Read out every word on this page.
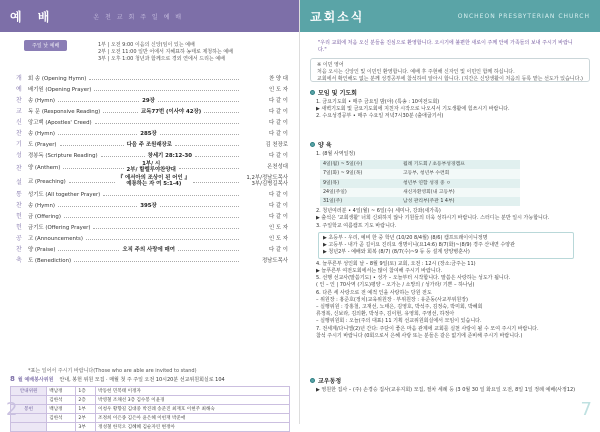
예 배	온 천 교 회 주 일 예 배
주일 낮 예배	1부 | 오전 9:00 이음의 신앙(임이 있는 예배
2부 | 오전 11:00 일반 어에서 지혜표하 농태로 제청하는 예배
3부 | 오후 1:00 청년과 함께으로 경외 연에서 드리는 예배
개	회 송 (Opening Hymn)	찬 양 대
예	배기원 (Opening Prayer)	인 도 자
찬	송 (Hymn)	29장	다 같 이
교	독 문 (Responsive Reading)	교독77번 (이사야 42장)	다 같 이
신	앙고백 (Apostles' Creed)	다 같 이
찬	송 (Hymn)	285장	다 같 이
기	도 (Prayer)	다음 주 조원래장로	김 천장로
성	경봉독 (Scripture Reading)	창세기 28:12-30	다 같 이
찬	양 (Anthem)
1부/ 시
2부/ 할렐루야찬양대	온천성대

설	교 (Preaching)
『 에서아의 조상이 된 어인 』
예통하는 자 여 5:1-4)
1,2부/정남도목사
3부/김병길목사
통	성기도 (All together Prayer)	다 같 이
찬	송 (Hymn)	395장	다 같 이
헌	금 (Offering)	다 같 이
헌	금기도 (Offering Prayer)	인 도 자
공	고 (Announcements)	인 도 자
찬	양 (Praise)	오직 주의 사랑에 매여	다 같 이
축	도 (Benediction)	정남도목사
*표는 일어서 주시기 바랍니다(Those who are able are invited to stand)
8 월 예배봉사위원 안내, 봉헌 위원 모집 · 매월 첫 주 주일 오전 10시20분 선교위원회실로 104
안내위원	백남정	1층	박동헌 민복태 이정자
	김한석	2층	박영철 조채선 3층 김수봉 이윤경
봉헌	백남정	1부	이청우 황향길 김대중 박진례 송준진 최재호 이현주 최해숙
	김한석	2부	조정희 이은종 김은아 윤은혜 이헌재 박준애
		3부	정성철 한덕오 김혜혜 김순자린 변정아
2
교회소식	ONCHEON PRESBYTERIAN CHURCH
"우리 교회에 처음 오신 분들을 진심으로 환영합니다. 오시기에 불편한 새로이 주께 안에 가족들의 보내 주시기 바랍니다."
※ 이민 영어
처음 오시는 신앙인 및 이민인 환영합니다. 예배 후 주현해 신자인 및 이민인 함께 하십니다.
교회에서 확인해도 없는 분께 성경공부에 참석하여 알아시 합니다. (지간은 신앙생활이 처음의 등록 맡는 선도가 있습니다.)
모임 및 기도회
1. 금요기도회 • 매주 금요일 밤(야) (특송 : 10여전도회)
▶ 새벽기도회 및 금요기도회에 지친자 시작으로 나오셔서 기도생활에 힘쓰시기 바랍니다.
2. 수요성경공부 • 매주 수요일 저녁7시30분 (출애굽기서)
양 육
1. (8월 사역일정)
4일(월) ~ 5일(수)	월례 기도회 / 초등부성경캠프
7일(화) ~ 9일(목)	고등부, 청년부 수련회
9일(목)	청년부 연합 성경 중 ㅇ
24일(주일)	새신자환영회(내 고등부)
31일(주)	남성 관리부(주관 1 4부)
2. 청년여러분 • 4일(월) ~ 6일(수) 세미나, 강좌(새가족)
▶ 출석은 '교회생활' 너희 신뢰하지 않나 기원들의 더욱 성하시기 바랍니다. 스터디는 분반 일시 가능합니다.
3. 주일학교 여름캠프 기도 바람니다.
▶ 초등부 - 우리, 예비 한 중 학년 (10/20 8/4월) (8/6) 캠프트래이이니정명
▶ 고등부 - 내가 곧 길이요 진리요 생명이니(요14:6) 8/7(화)~(8/9) 경주 산내면 수양관
▶ 청년2부 - 예배와 회복 (8/7) (8/7(수)~9 등 등 설계 양양병훈사)
4. 늘푸른부 성인회 날 – 8월 9일(토) 교회, 오전 : 12시 (장소:금주는 11)
▶ 늘푸른부 여전도회에서는 많이 참여해 주시기 바랍니다.
5. 선행 선교사(말씀기도) • 성가 – 오늘부터 시작합니다. 말씀은 사랑하는 성도가 됩니다.
( 인 – 인 | 70사역 (기도)평양 – 오가는 / 소망의 / 성가라/ 기쁜 – 하나님)
6. 다른 세 사랑으로 전 예적 인을 사랑하는 당원 전도
– 위원장 : 홍준호(정치)교육위원장 · 부위원장 : 유준동(사교부위원장)
– 실행위원 : 강홍철, 고재선, 노태은, 김영호, 박석주, 김정숙, 박미회, 박혜회
류정복, 신보라, 김의환, 박성주, 김이현, 유영희, 주영선, 하정아
– 실행위원회 : 오늘(주의 대표) 11 기획 선교위원회실에서 모임이 있습니다.
7. 전세계/다니엘(2)년 간다: 주단이 좋은 마음 관계에 교회를 실천 사랑이 될 수 모여 주시기 바랍니다.
참석 주시기 바랍니다 (0회으로서 은혜 사랑 또는 분들은 같은 없기에 준비해 주시기 바랍니다.)
교우동정
▶ 영원한 집사 – (주) 손경승 집사(교유지회) 모집, 절차 세례 등 (3 0월 30 일 화요일 오전, 8일 1일 정례 예배(사정12)
7
